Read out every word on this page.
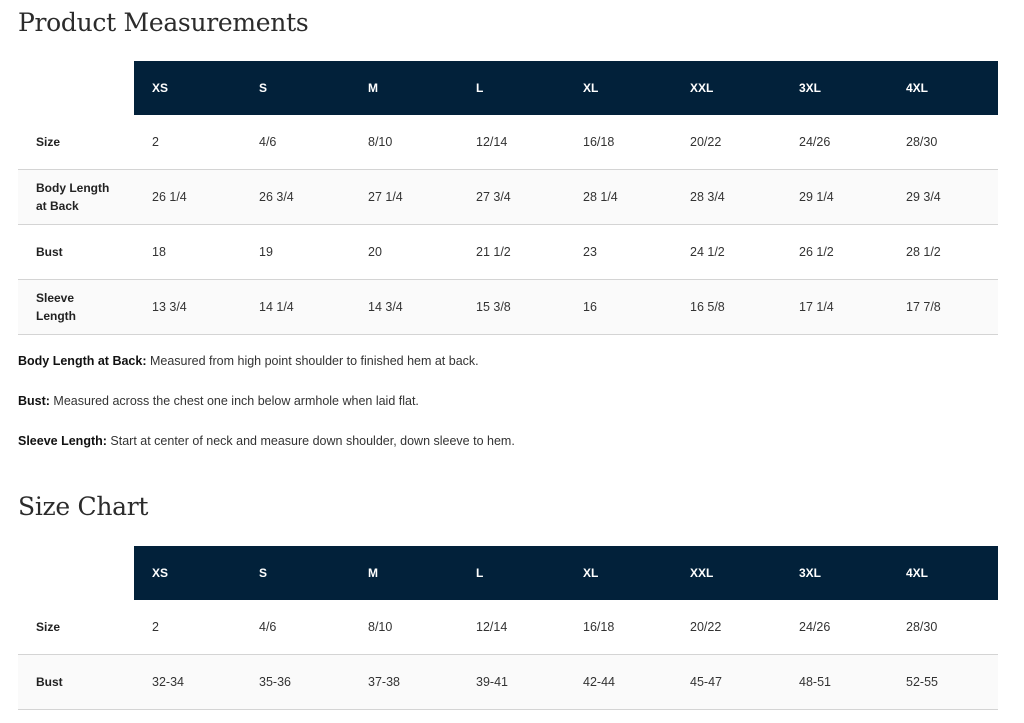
Product Measurements
	XS	S	M	L	XL	XXL	3XL	4XL
Size	2	4/6	8/10	12/14	16/18	20/22	24/26	28/30
Body Length at Back	26 1/4	26 3/4	27 1/4	27 3/4	28 1/4	28 3/4	29 1/4	29 3/4
Bust	18	19	20	21 1/2	23	24 1/2	26 1/2	28 1/2
Sleeve Length	13 3/4	14 1/4	14 3/4	15 3/8	16	16 5/8	17 1/4	17 7/8

Body Length at Back: Measured from high point shoulder to finished hem at back.

Bust: Measured across the chest one inch below armhole when laid flat.

Sleeve Length: Start at center of neck and measure down shoulder, down sleeve to hem.

Size Chart
	XS	S	M	L	XL	XXL	3XL	4XL
Size	2	4/6	8/10	12/14	16/18	20/22	24/26	28/30
Bust	32-34	35-36	37-38	39-41	42-44	45-47	48-51	52-55
